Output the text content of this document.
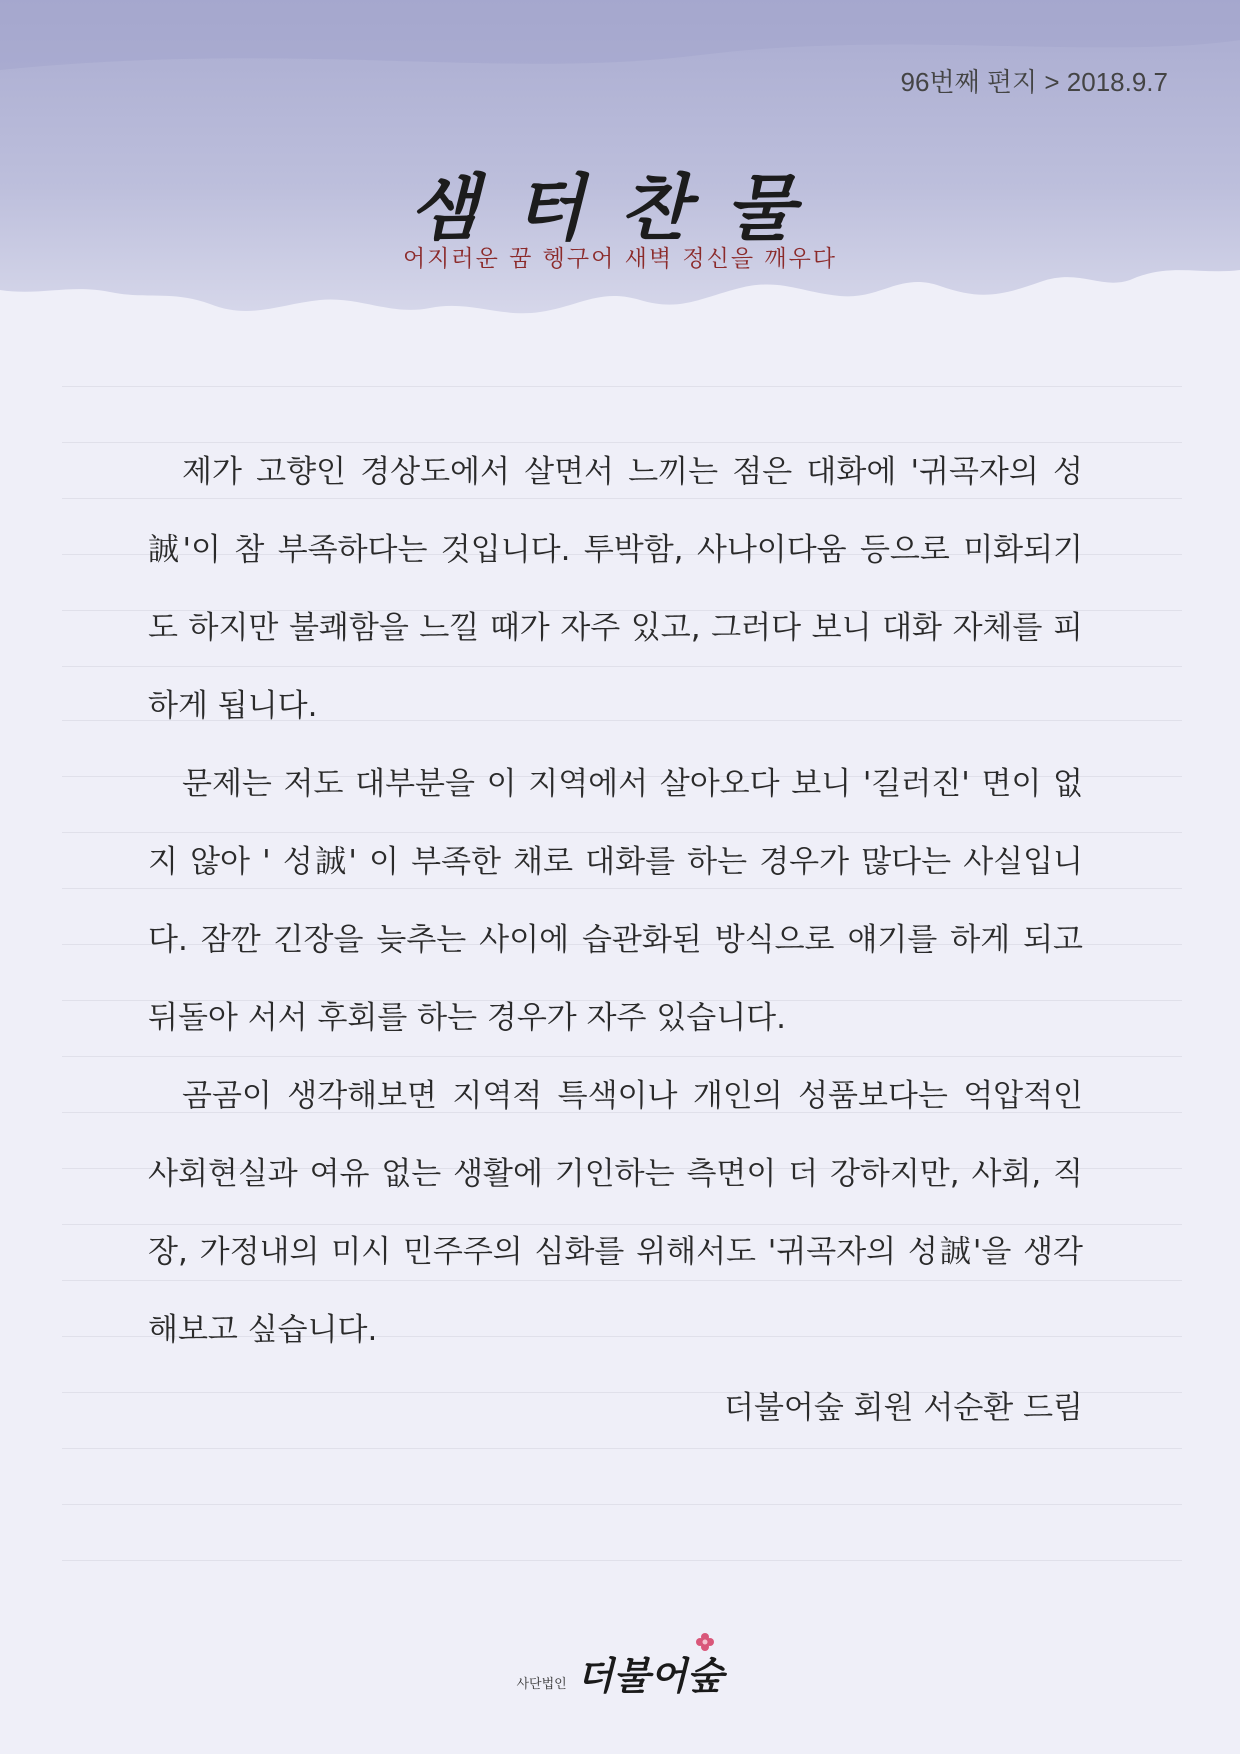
96번째 편지 > 2018.9.7
샘터찬물
어지러운 꿈 헹구어 새벽 정신을 깨우다

제가 고향인 경상도에서 살면서 느끼는 점은 대화에 '귀곡자의 성誠'이 참 부족하다는 것입니다. 투박함, 사나이다움 등으로 미화되기도 하지만 불쾌함을 느낄 때가 자주 있고, 그러다 보니 대화 자체를 피하게 됩니다.

문제는 저도 대부분을 이 지역에서 살아오다 보니 '길러진' 면이 없지 않아 ' 성誠' 이 부족한 채로 대화를 하는 경우가 많다는 사실입니다. 잠깐 긴장을 늦추는 사이에 습관화된 방식으로 얘기를 하게 되고 뒤돌아 서서 후회를 하는 경우가 자주 있습니다.

곰곰이 생각해보면 지역적 특색이나 개인의 성품보다는 억압적인 사회현실과 여유 없는 생활에 기인하는 측면이 더 강하지만, 사회, 직장, 가정내의 미시 민주주의 심화를 위해서도 '귀곡자의 성誠'을 생각해보고 싶습니다.

더불어숲 회원 서순환 드림

사단법인 더불어숲
